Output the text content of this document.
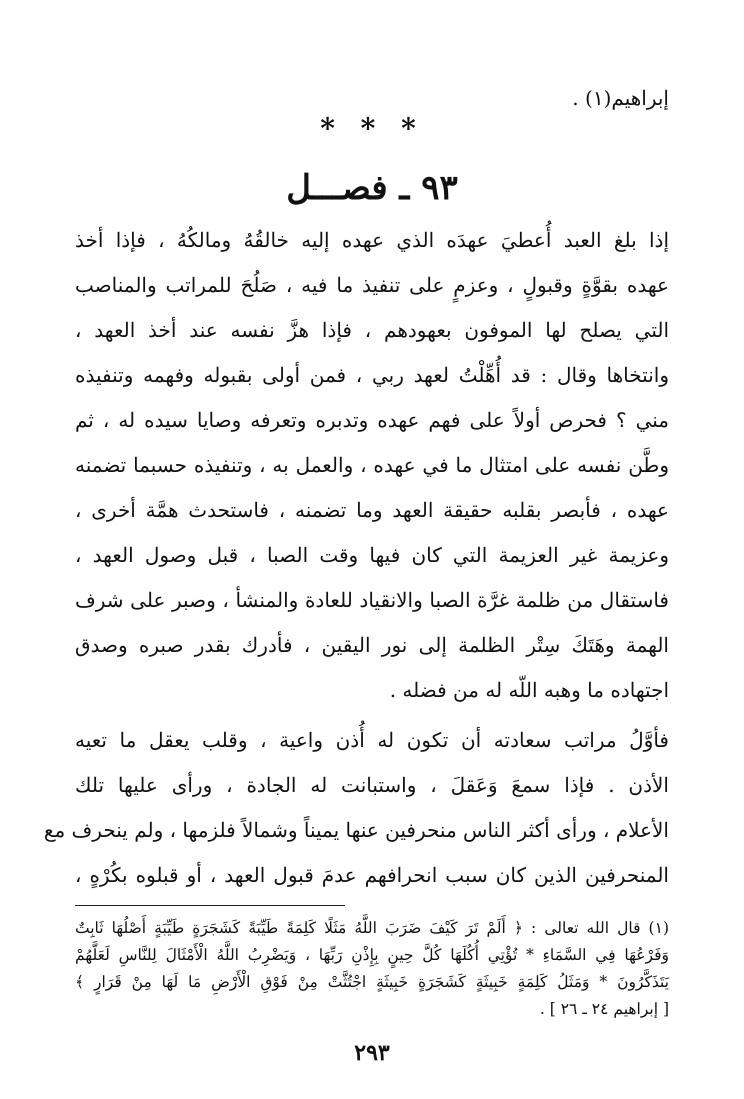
إبراهيم(١) .
* * *
٩٣ ـ فصـــل
إذا بلغ العبد أُعطيَ عهدَه الذي عهده إليه خالقُهُ ومالكُهُ ، فإذا أخذ
عهده بقوَّةٍ وقبولٍ ، وعزمٍ على تنفيذ ما فيه ، صَلُحَ للمراتب والمناصب
التي يصلح لها الموفون بعهودهم ، فإذا هزَّ نفسه عند أخذ العهد ،
وانتخاها وقال : قد أُهِّلْتُ لعهد ربي ، فمن أولى بقبوله وفهمه وتنفيذه
مني ؟ فحرص أولاً على فهم عهده وتدبره وتعرفه وصايا سيده له ، ثم
وطَّن نفسه على امتثال ما في عهده ، والعمل به ، وتنفيذه حسبما تضمنه
عهده ، فأبصر بقلبه حقيقة العهد وما تضمنه ، فاستحدث همَّة أخرى ،
وعزيمة غير العزيمة التي كان فيها وقت الصبا ، قبل وصول العهد ،
فاستقال من ظلمة غرَّة الصبا والانقياد للعادة والمنشأ ، وصبر على شرف
الهمة وهَتَكَ سِتْر الظلمة إلى نور اليقين ، فأدرك بقدر صبره وصدق
اجتهاده ما وهبه اللّه له من فضله .
فأوَّلُ مراتب سعادته أن تكون له أُذن واعية ، وقلب يعقل ما تعيه
الأذن . فإذا سمعَ وَعَقلَ ، واستبانت له الجادة ، ورأى عليها تلك
الأعلام ، ورأى أكثر الناس منحرفين عنها يميناً وشمالاً فلزمها ، ولم ينحرف مع
المنحرفين الذين كان سبب انحرافهم عدمَ قبول العهد ، أو قبلوه بكُرْهٍ ،
(١) قال الله تعالى : ﴿ أَلَمْ تَرَ كَيْفَ ضَرَبَ اللَّهُ مَثَلًا كَلِمَةً طَيِّبَةً كَشَجَرَةٍ طَيِّبَةٍ أَصْلُهَا ثَابِتٌ
وَفَرْعُهَا فِي السَّمَاءِ * تُؤْتِي أُكُلَهَا كُلَّ حِينٍ بِإِذْنِ رَبِّهَا ، وَيَضْرِبُ اللَّهُ الْأَمْثَالَ لِلنَّاسِ لَعَلَّهُمْ
يَتَذَكَّرُونَ * وَمَثَلُ كَلِمَةٍ خَبِيثَةٍ كَشَجَرَةٍ خَبِيثَةٍ اجْتُثَّتْ مِنْ فَوْقِ الْأَرْضِ مَا لَهَا مِنْ قَرَارٍ ﴾
[ إبراهيم ٢٤ ـ ٢٦ ] .
٢٩٣
